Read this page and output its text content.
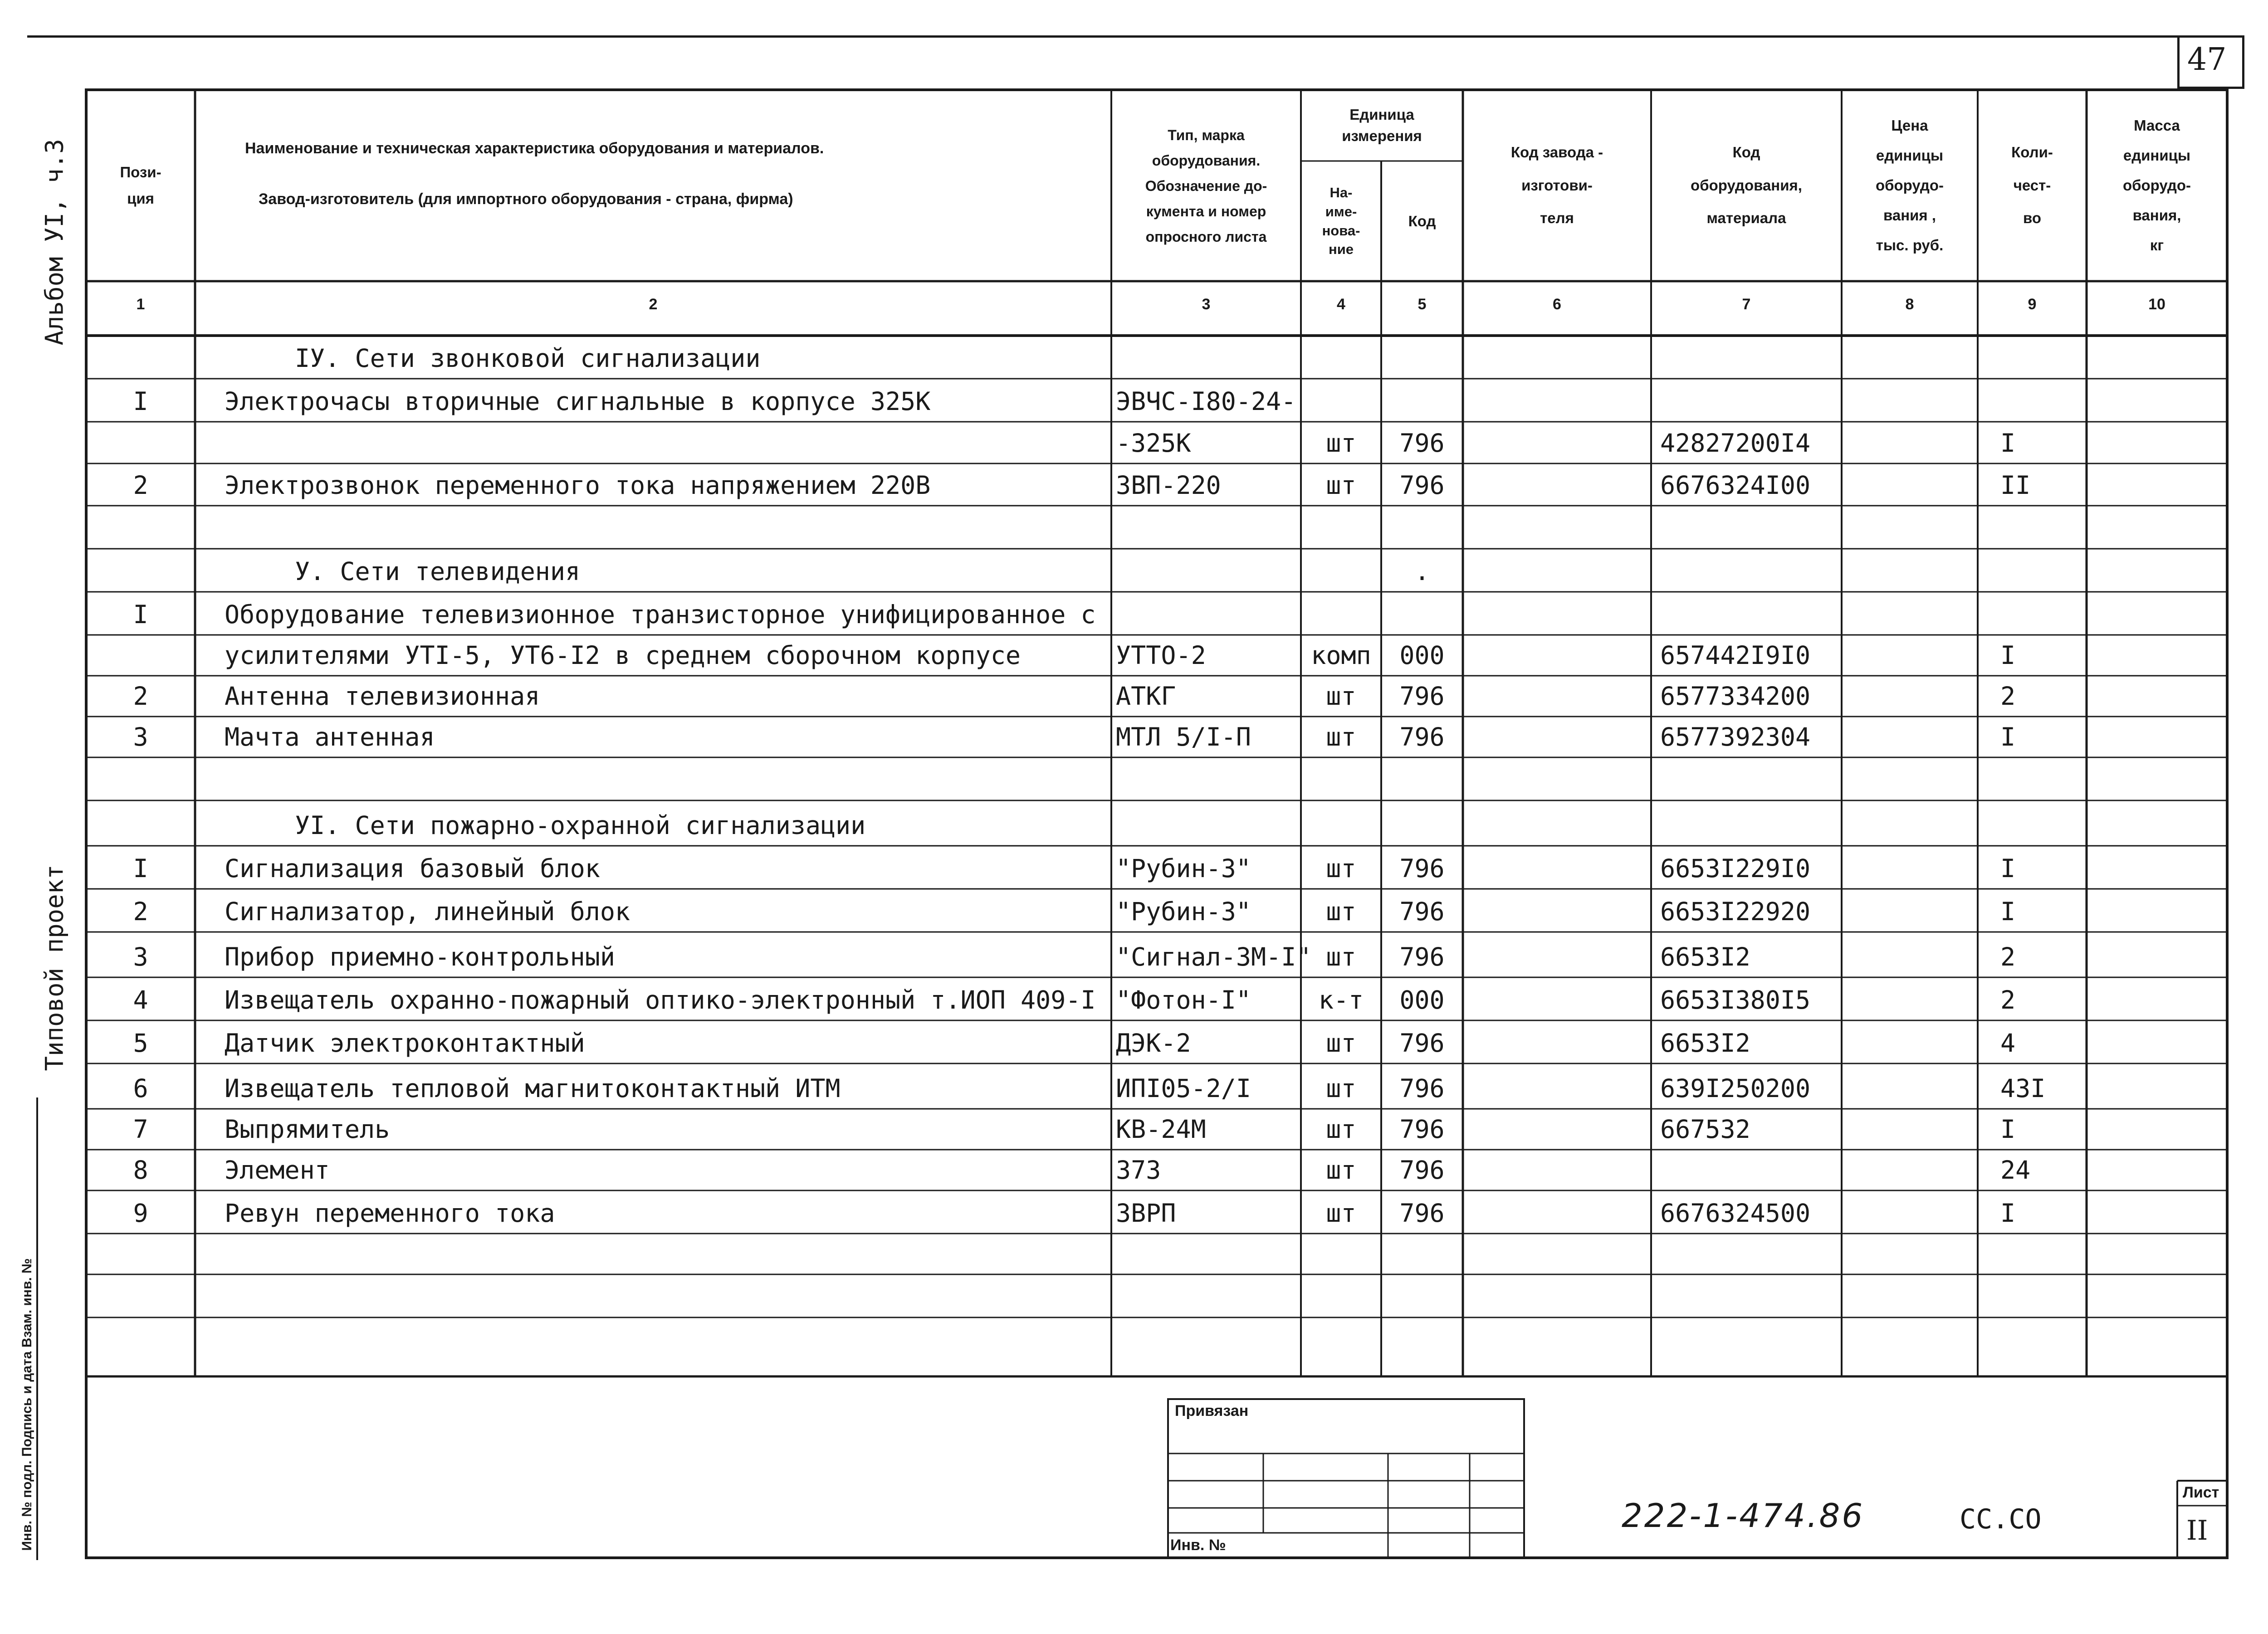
47
Альбом УI, ч.3
Типовой проект
Инв. № подл. Подпись и дата Взам. инв. №
Пози-
ция
Наименование и техническая характеристика оборудования и материалов.
Завод-изготовитель (для импортного оборудования - страна, фирма)
Тип, марка
оборудования.
Обозначение до-
кумента и номер
опросного листа
Единица
измерения
На-
име-
нова-
ние
Код
Код завода -
изготови-
теля
Код
оборудования,
материала
Цена
единицы
оборудо-
вания ,
тыс. руб.
Коли-
чест-
во
Масса
единицы
оборудо-
вания,
кг
1	2	3	4	5	6	7	8	9	10
IУ. Сети звонковой сигнализации
I	Электрочасы вторичные сигнальные в корпусе 325К	ЭВЧС-I80-24-
-325К	шт	796	42827200I4	I
2	Электрозвонок переменного тока напряжением 220В	ЗВП-220	шт	796	6676324I00	II
У. Сети телевидения	.
I	Оборудование телевизионное транзисторное унифицированное с
усилителями УТI-5, УТ6-I2 в среднем сборочном корпусе	УТТО-2	комп	000	657442I9I0	I
2	Антенна телевизионная	АТКГ	шт	796	6577334200	2
3	Мачта антенная	МТЛ 5/I-П	шт	796	6577392304	I
УI. Сети пожарно-охранной сигнализации
I	Сигнализация базовый блок	"Рубин-3"	шт	796	6653I229I0	I
2	Сигнализатор, линейный блок	"Рубин-3"	шт	796	6653I22920	I
3	Прибор приемно-контрольный	"Сигнал-3М-I" шт	796	6653I2	2
4	Извещатель охранно-пожарный оптико-электронный т.ИОП 409-I "Фотон-I"	к-т	000	6653I380I5	2
5	Датчик электроконтактный	ДЭК-2	шт	796	6653I2	4
6	Извещатель тепловой магнитоконтактный ИТМ	ИПI05-2/I	шт	796	639I250200	43I
7	Выпрямитель	КВ-24М	шт	796	667532	I
8	Элемент	373	шт	796	24
9	Ревун переменного тока	ЗВРП	шт	796	6676324500	I
Привязан
Инв. №
222-1-474.86	СС.СО
Лист
II
